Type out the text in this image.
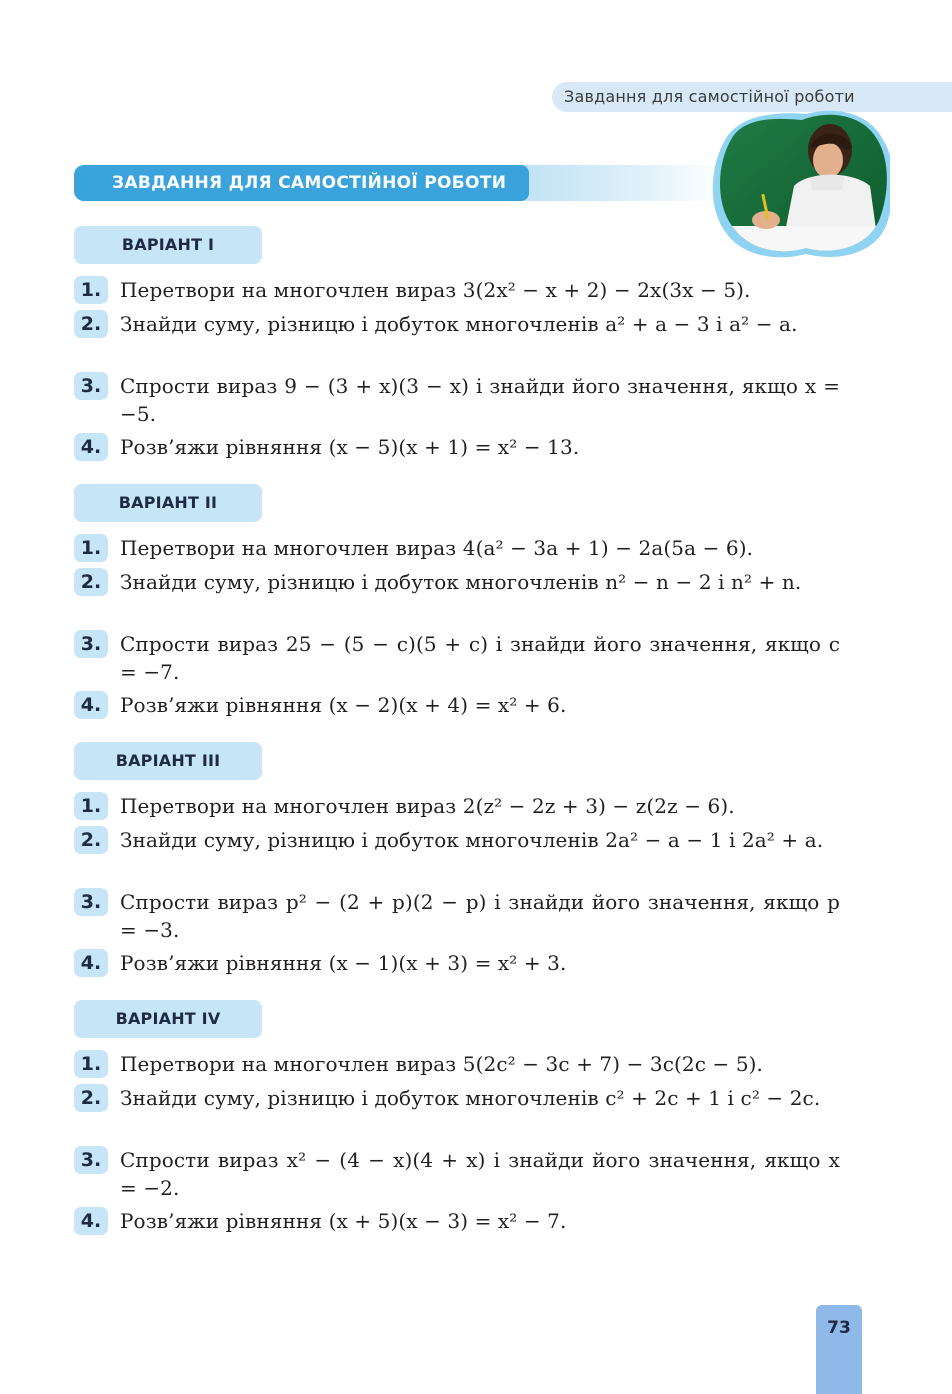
Завдання для самостійної роботи
ЗАВДАННЯ ДЛЯ САМОСТІЙНОЇ РОБОТИ
ВАРІАНТ І
1. Перетвори на многочлен вираз 3(2x² − x + 2) − 2x(3x − 5).
2. Знайди суму, різницю і добуток многочленів a² + a − 3 і a² − a.
3. Спрости вираз 9 − (3 + x)(3 − x) і знайди його значення, якщо x = −5.
4. Розв’яжи рівняння (x − 5)(x + 1) = x² − 13.
ВАРІАНТ ІІ
1. Перетвори на многочлен вираз 4(a² − 3a + 1) − 2a(5a − 6).
2. Знайди суму, різницю і добуток многочленів n² − n − 2 і n² + n.
3. Спрости вираз 25 − (5 − c)(5 + c) і знайди його значення, якщо c = −7.
4. Розв’яжи рівняння (x − 2)(x + 4) = x² + 6.
ВАРІАНТ ІІІ
1. Перетвори на многочлен вираз 2(z² − 2z + 3) − z(2z − 6).
2. Знайди суму, різницю і добуток многочленів 2a² − a − 1 і 2a² + a.
3. Спрости вираз p² − (2 + p)(2 − p) і знайди його значення, якщо p = −3.
4. Розв’яжи рівняння (x − 1)(x + 3) = x² + 3.
ВАРІАНТ ІV
1. Перетвори на многочлен вираз 5(2c² − 3c + 7) − 3c(2c − 5).
2. Знайди суму, різницю і добуток многочленів c² + 2c + 1 і c² − 2c.
3. Спрости вираз x² − (4 − x)(4 + x) і знайди його значення, якщо x = −2.
4. Розв’яжи рівняння (x + 5)(x − 3) = x² − 7.
73
